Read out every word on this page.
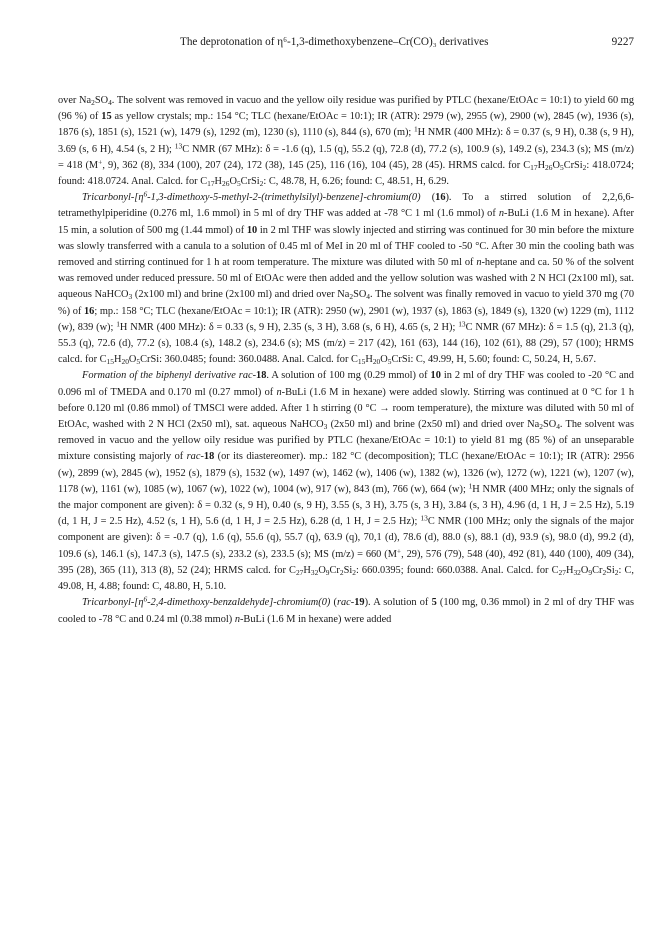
The deprotonation of η⁶-1,3-dimethoxybenzene–Cr(CO)₃ derivatives	9227

over $Na_2SO_4$. The solvent was removed in vacuo and the yellow oily residue was purified by PTLC (hexane/EtOAc = 10:1) to yield 60 mg (96 %) of 15 as yellow crystals; mp.: 154 °C; TLC (hexane/EtOAc = 10:1); IR (ATR): 2979 (w), 2955 (w), 2900 (w), 2845 (w), 1936 (s), 1876 (s), 1851 (s), 1521 (w), 1479 (s), 1292 (m), 1230 (s), 1110 (s), 844 (s), 670 (m); $^1$H NMR (400 MHz): δ = 0.37 (s, 9 H), 0.38 (s, 9 H), 3.69 (s, 6 H), 4.54 (s, 2 H); $^{13}$C NMR (67 MHz): δ = -1.6 (q), 1.5 (q), 55.2 (q), 72.8 (d), 77.2 (s), 100.9 (s), 149.2 (s), 234.3 (s); MS (m/z) = 418 (M+, 9), 362 (8), 334 (100), 207 (24), 172 (38), 145 (25), 116 (16), 104 (45), 28 (45). HRMS calcd. for $C_{17}H_{26}O_5CrSi_2$: 418.0724; found: 418.0724. Anal. Calcd. for $C_{17}H_{26}O_5CrSi_2$: C, 48.78, H, 6.26; found: C, 48.51, H, 6.29.

Tricarbonyl-$[\eta^6-1,3-dimethoxy-5-methyl-2-(trimethylsilyl)-benzene]-chromium(0)$ (16). To a stirred solution of 2,2,6,6-tetramethylpiperidine (0.276 ml, 1.6 mmol) in 5 ml of dry THF was added at -78 °C 1 ml (1.6 mmol) of n-BuLi (1.6 M in hexane). After 15 min, a solution of 500 mg (1.44 mmol) of 10 in 2 ml THF was slowly injected and stirring was continued for 30 min before the mixture was slowly transferred with a canula to a solution of 0.45 ml of MeI in 20 ml of THF cooled to -50 °C. After 30 min the cooling bath was removed and stirring continued for 1 h at room temperature. The mixture was diluted with 50 ml of n-heptane and ca. 50 % of the solvent was removed under reduced pressure. 50 ml of EtOAc were then added and the yellow solution was washed with 2 N HCl (2x100 ml), sat. aqueous NaHCO$_3$ (2x100 ml) and brine (2x100 ml) and dried over $Na_2SO_4$. The solvent was finally removed in vacuo to yield 370 mg (70 %) of 16; mp.: 158 °C; TLC (hexane/EtOAc = 10:1); IR (ATR): 2950 (w), 2901 (w), 1937 (s), 1863 (s), 1849 (s), 1320 (w) 1229 (m), 1112 (w), 839 (w); $^1$H NMR (400 MHz): δ = 0.33 (s, 9 H), 2.35 (s, 3 H), 3.68 (s, 6 H), 4.65 (s, 2 H); $^{13}$C NMR (67 MHz): δ = 1.5 (q), 21.3 (q), 55.3 (q), 72.6 (d), 77.2 (s), 108.4 (s), 148.2 (s), 234.6 (s); MS (m/z) = 217 (42), 161 (63), 144 (16), 102 (61), 88 (29), 57 (100); HRMS calcd. for $C_{15}H_{20}O_5CrSi$: 360.0485; found: 360.0488. Anal. Calcd. for $C_{15}H_{20}O_5CrSi$: C, 49.99, H, 5.60; found: C, 50.24, H, 5.67.

Formation of the biphenyl derivative rac-18. A solution of 100 mg (0.29 mmol) of 10 in 2 ml of dry THF was cooled to -20 °C and 0.096 ml of TMEDA and 0.170 ml (0.27 mmol) of n-BuLi (1.6 M in hexane) were added slowly. Stirring was continued at 0 °C for 1 h before 0.120 ml (0.86 mmol) of TMSCl were added. After 1 h stirring (0 °C → room temperature), the mixture was diluted with 50 ml of EtOAc, washed with 2 N HCl (2x50 ml), sat. aqueous NaHCO$_3$ (2x50 ml) and brine (2x50 ml) and dried over $Na_2SO_4$. The solvent was removed in vacuo and the yellow oily residue was purified by PTLC (hexane/EtOAc = 10:1) to yield 81 mg (85 %) of an unseparable mixture consisting majorly of rac-18 (or its diastereomer). mp.: 182 °C (decomposition); TLC (hexane/EtOAc = 10:1); IR (ATR): 2956 (w), 2899 (w), 2845 (w), 1952 (s), 1879 (s), 1532 (w), 1497 (w), 1462 (w), 1406 (w), 1382 (w), 1326 (w), 1272 (w), 1221 (w), 1207 (w), 1178 (w), 1161 (w), 1085 (w), 1067 (w), 1022 (w), 1004 (w), 917 (w), 843 (m), 766 (w), 664 (w); $^1$H NMR (400 MHz; only the signals of the major component are given): δ = 0.32 (s, 9 H), 0.40 (s, 9 H), 3.55 (s, 3 H), 3.75 (s, 3 H), 3.84 (s, 3 H), 4.96 (d, 1 H, J = 2.5 Hz), 5.19 (d, 1 H, J = 2.5 Hz), 4.52 (s, 1 H), 5.6 (d, 1 H, J = 2.5 Hz), 6.28 (d, 1 H, J = 2.5 Hz); $^{13}$C NMR (100 MHz; only the signals of the major component are given): δ = -0.7 (q), 1.6 (q), 55.6 (q), 55.7 (q), 63.9 (q), 70,1 (d), 78.6 (d), 88.0 (s), 88.1 (d), 93.9 (s), 98.0 (d), 99.2 (d), 109.6 (s), 146.1 (s), 147.3 (s), 147.5 (s), 233.2 (s), 233.5 (s); MS (m/z) = 660 (M+, 29), 576 (79), 548 (40), 492 (81), 440 (100), 409 (34), 395 (28), 365 (11), 313 (8), 52 (24); HRMS calcd. for $C_{27}H_{32}O_9Cr_2Si_2$: 660.0395; found: 660.0388. Anal. Calcd. for $C_{27}H_{32}O_9Cr_2Si_2$: C, 49.08, H, 4.88; found: C, 48.80, H, 5.10.

Tricarbonyl-$[\eta^6-2,4-dimethoxy-benzaldehyde]-chromium(0)$ (rac-19). A solution of 5 (100 mg, 0.36 mmol) in 2 ml of dry THF was cooled to -78 °C and 0.24 ml (0.38 mmol) n-BuLi (1.6 M in hexane) were added
